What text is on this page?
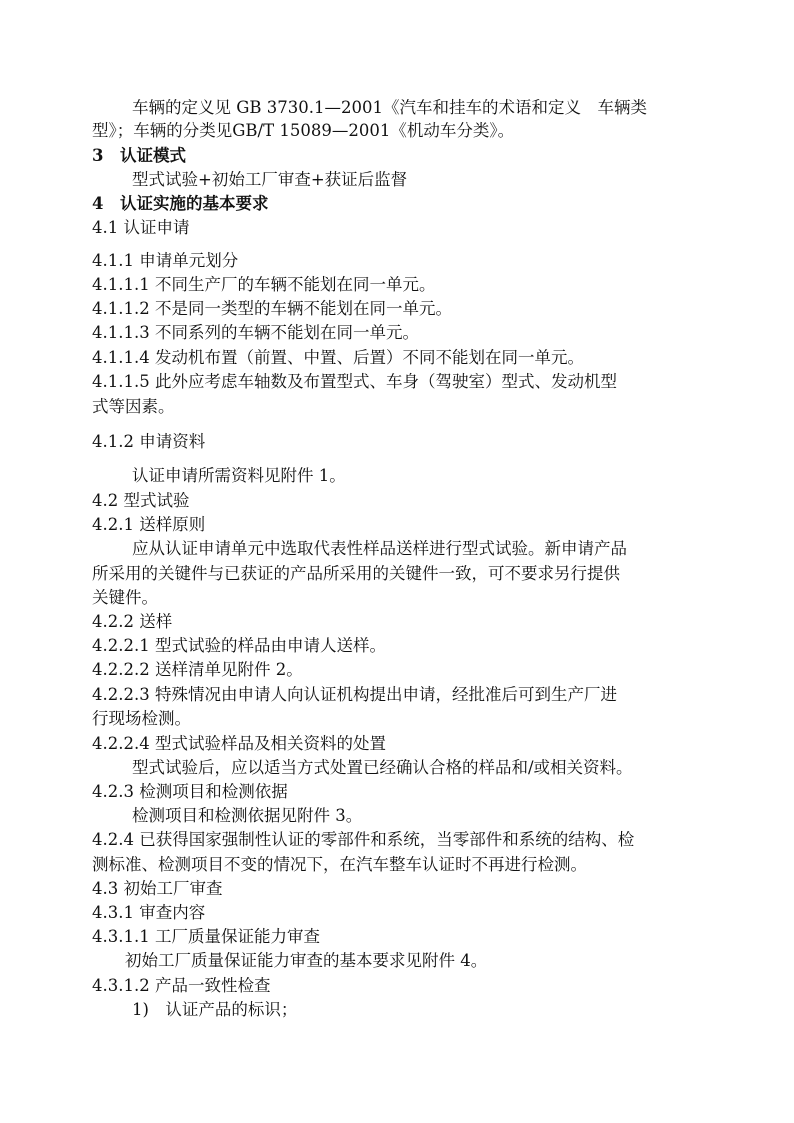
车辆的定义见 GB 3730.1—2001《汽车和挂车的术语和定义　车辆类
型》；车辆的分类见GB/T 15089—2001《机动车分类》。
3　认证模式
型式试验+初始工厂审查+获证后监督
4　认证实施的基本要求
4.1 认证申请
4.1.1 申请单元划分
4.1.1.1 不同生产厂的车辆不能划在同一单元。
4.1.1.2 不是同一类型的车辆不能划在同一单元。
4.1.1.3 不同系列的车辆不能划在同一单元。
4.1.1.4 发动机布置（前置、中置、后置）不同不能划在同一单元。
4.1.1.5 此外应考虑车轴数及布置型式、车身（驾驶室）型式、发动机型
式等因素。
4.1.2 申请资料
认证申请所需资料见附件 1。
4.2 型式试验
4.2.1 送样原则
应从认证申请单元中选取代表性样品送样进行型式试验。新申请产品
所采用的关键件与已获证的产品所采用的关键件一致，可不要求另行提供
关键件。
4.2.2 送样
4.2.2.1 型式试验的样品由申请人送样。
4.2.2.2 送样清单见附件 2。
4.2.2.3 特殊情况由申请人向认证机构提出申请，经批准后可到生产厂进
行现场检测。
4.2.2.4 型式试验样品及相关资料的处置
型式试验后，应以适当方式处置已经确认合格的样品和/或相关资料。
4.2.3 检测项目和检测依据
检测项目和检测依据见附件 3。
4.2.4 已获得国家强制性认证的零部件和系统，当零部件和系统的结构、检
测标准、检测项目不变的情况下，在汽车整车认证时不再进行检测。
4.3 初始工厂审查
4.3.1 审查内容
4.3.1.1 工厂质量保证能力审查
初始工厂质量保证能力审查的基本要求见附件 4。
4.3.1.2 产品一致性检查
1)　认证产品的标识；
